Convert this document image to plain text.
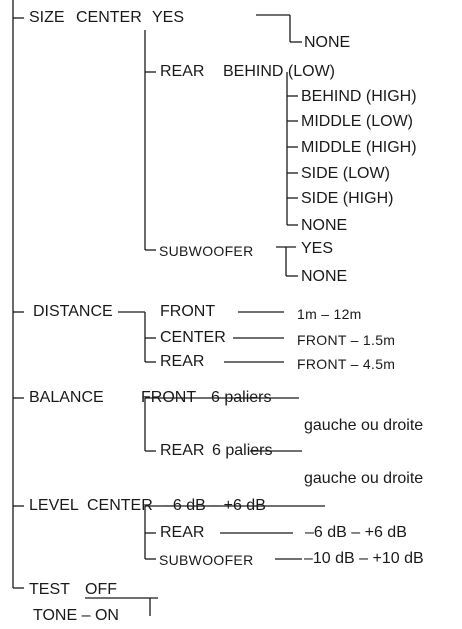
SIZE CENTER YES
NONE
REAR BEHIND (LOW)
BEHIND (HIGH)
MIDDLE (LOW)
MIDDLE (HIGH)
SIDE (LOW)
SIDE (HIGH)
NONE
SUBWOOFER	YES
NONE
DISTANCE	FRONT	1m – 12m
CENTER	FRONT – 1.5m
REAR	FRONT – 4.5m
BALANCE FRONT 6 paliers
gauche ou droite
REAR 6 paliers
gauche ou droite
LEVEL CENTER –6 dB – +6 dB
REAR	–6 dB – +6 dB
SUBWOOFER	–10 dB – +10 dB
TEST OFF
TONE – ON
